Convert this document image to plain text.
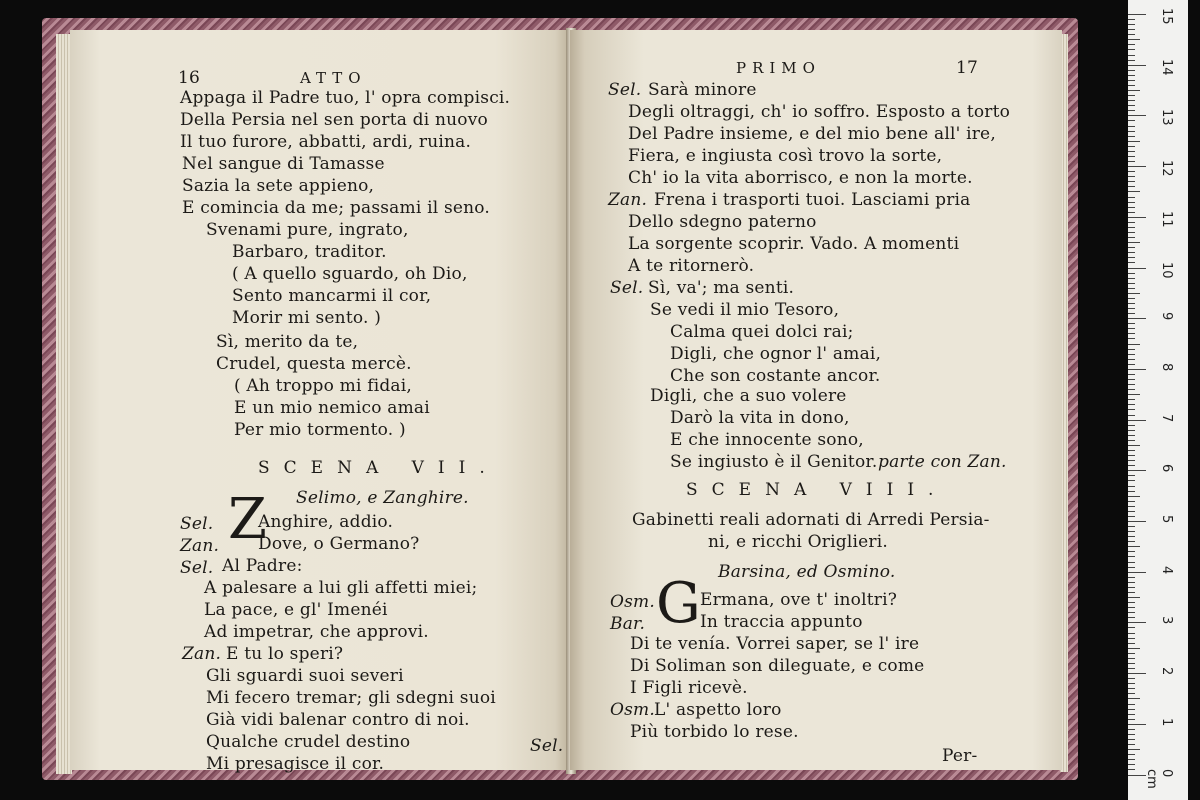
16	ATTO
Appaga il Padre tuo, l' opra compisci.
Della Persia nel sen porta di nuovo
Il tuo furore, abbatti, ardi, ruina.
Nel sangue di Tamasse
Sazia la sete appieno,
E comincia da me; passami il seno.
Svenami pure, ingrato,
Barbaro, traditor.
( A quello sguardo, oh Dio,
Sento mancarmi il cor,
Morir mi sento. )
Sì, merito da te,
Crudel, questa mercè.
( Ah troppo mi fidai,
E un mio nemico amai
Per mio tormento. )
SCENA VII.
Selimo, e Zanghire.
Z
Sel.	Anghire, addio.
Zan. Dove, o Germano?
Sel. Al Padre:
A palesare a lui gli affetti miei;
La pace, e gl' Imenéi
Ad impetrar, che approvi.
Zan. E tu lo speri?
Gli sguardi suoi severi
Mi fecero tremar; gli sdegni suoi
Già vidi balenar contro di noi.
Qualche crudel destino
Mi presagisce il cor.
Sel.
PRIMO	17
Sel. Sarà minore
Degli oltraggi, ch' io soffro. Esposto a torto
Del Padre insieme, e del mio bene all' ire,
Fiera, e ingiusta così trovo la sorte,
Ch' io la vita aborrisco, e non la morte.
Zan. Frena i trasporti tuoi. Lasciami pria
Dello sdegno paterno
La sorgente scoprir. Vado. A momenti
A te ritornerò.
Sel. Sì, va'; ma senti.
Se vedi il mio Tesoro,
Calma quei dolci rai;
Digli, che ognor l' amai,
Che son costante ancor.
Digli, che a suo volere
Darò la vita in dono,
E che innocente sono,
Se ingiusto è il Genitor. parte con Zan.
SCENA VIII.
Gabinetti reali adornati di Arredi Persia-
ni, e ricchi Origlieri.
Barsina, ed Osmino.
G
Osm.	Ermana, ove t' inoltri?
Bar.	In traccia appunto
Di te venía. Vorrei saper, se l' ire
Di Soliman son dileguate, e come
I Figli ricevè.
Osm. L' aspetto loro
Più torbido lo rese.
Per-
15
14
13
12
11
10
9
8
7
6
5
4
3
2
1
0 cm
